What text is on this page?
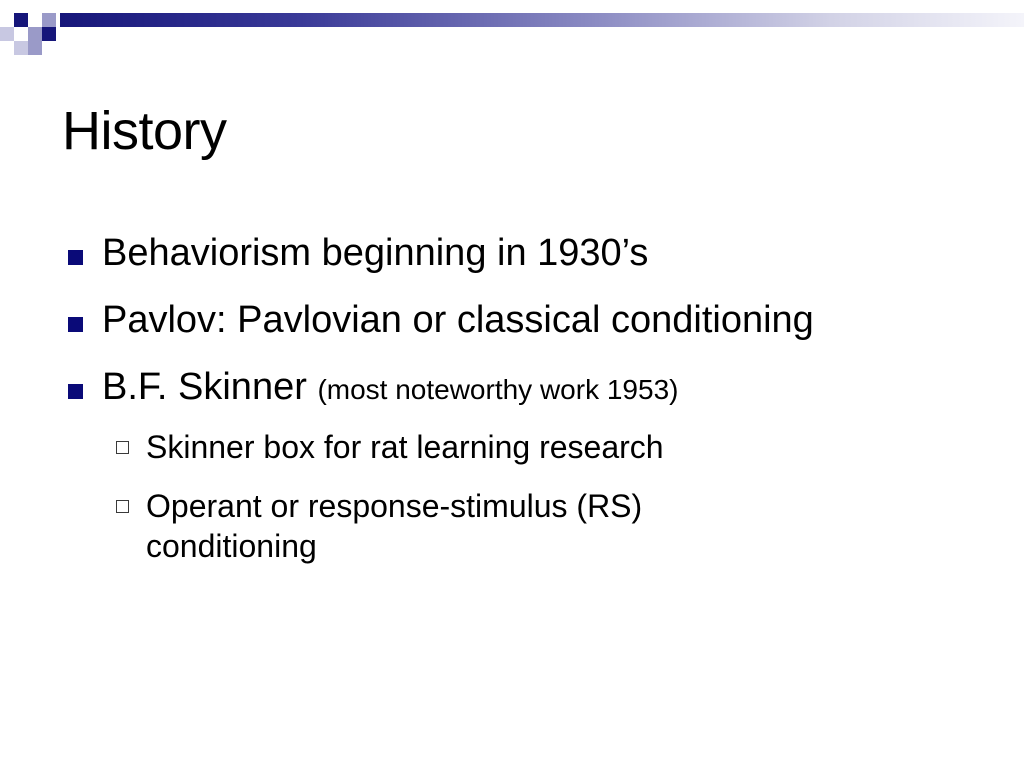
History
Behaviorism beginning in 1930’s
Pavlov: Pavlovian or classical conditioning
B.F. Skinner (most noteworthy work 1953)
Skinner box for rat learning research
Operant or response-stimulus (RS) conditioning
